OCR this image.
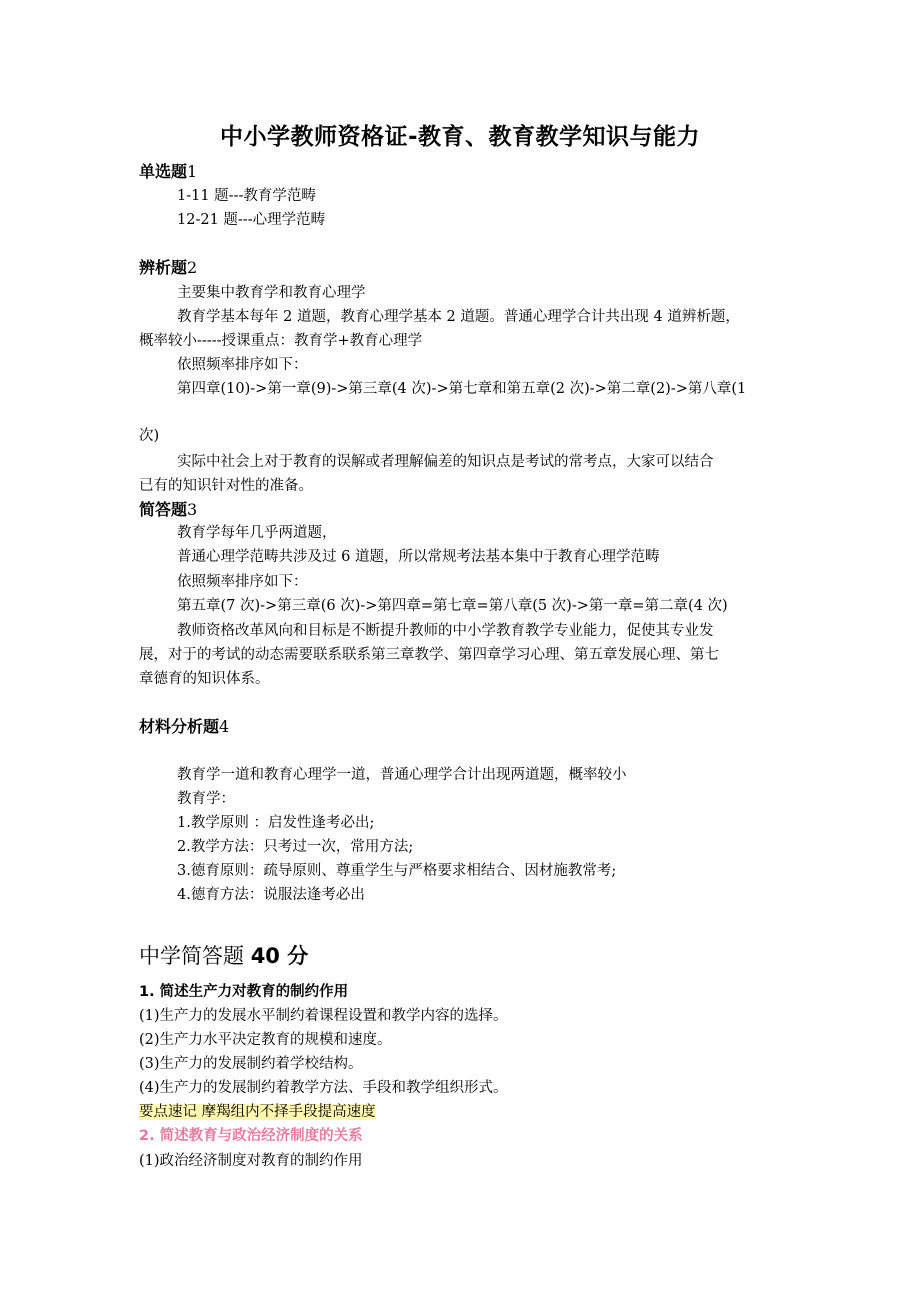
中小学教师资格证-教育、教育教学知识与能力
单选题1
1-11 题---教育学范畴
12-21 题---心理学范畴
辨析题2
主要集中教育学和教育心理学
教育学基本每年 2 道题，教育心理学基本 2 道题。普通心理学合计共出现 4 道辨析题，
概率较小-----授课重点：教育学+教育心理学
依照频率排序如下：
第四章(10)->第一章(9)->第三章(4 次)->第七章和第五章(2 次)->第二章(2)->第八章(1
次)
实际中社会上对于教育的误解或者理解偏差的知识点是考试的常考点，大家可以结合
已有的知识针对性的准备。
简答题3
教育学每年几乎两道题，
普通心理学范畴共涉及过 6 道题，所以常规考法基本集中于教育心理学范畴
依照频率排序如下：
第五章(7 次)->第三章(6 次)->第四章=第七章=第八章(5 次)->第一章=第二章(4 次)
教师资格改革风向和目标是不断提升教师的中小学教育教学专业能力，促使其专业发
展，对于的考试的动态需要联系联系第三章教学、第四章学习心理、第五章发展心理、第七
章德育的知识体系。
材料分析题4
教育学一道和教育心理学一道，普通心理学合计出现两道题，概率较小
教育学：
1.教学原则 ：启发性逢考必出;
2.教学方法：只考过一次，常用方法;
3.德育原则：疏导原则、尊重学生与严格要求相结合、因材施教常考;
4.德育方法：说服法逢考必出
中学简答题 40 分
1. 简述生产力对教育的制约作用
(1)生产力的发展水平制约着课程设置和教学内容的选择。
(2)生产力水平决定教育的规模和速度。
(3)生产力的发展制约着学校结构。
(4)生产力的发展制约着教学方法、手段和教学组织形式。
要点速记 摩羯组内不择手段提高速度
2. 简述教育与政治经济制度的关系
(1)政治经济制度对教育的制约作用
